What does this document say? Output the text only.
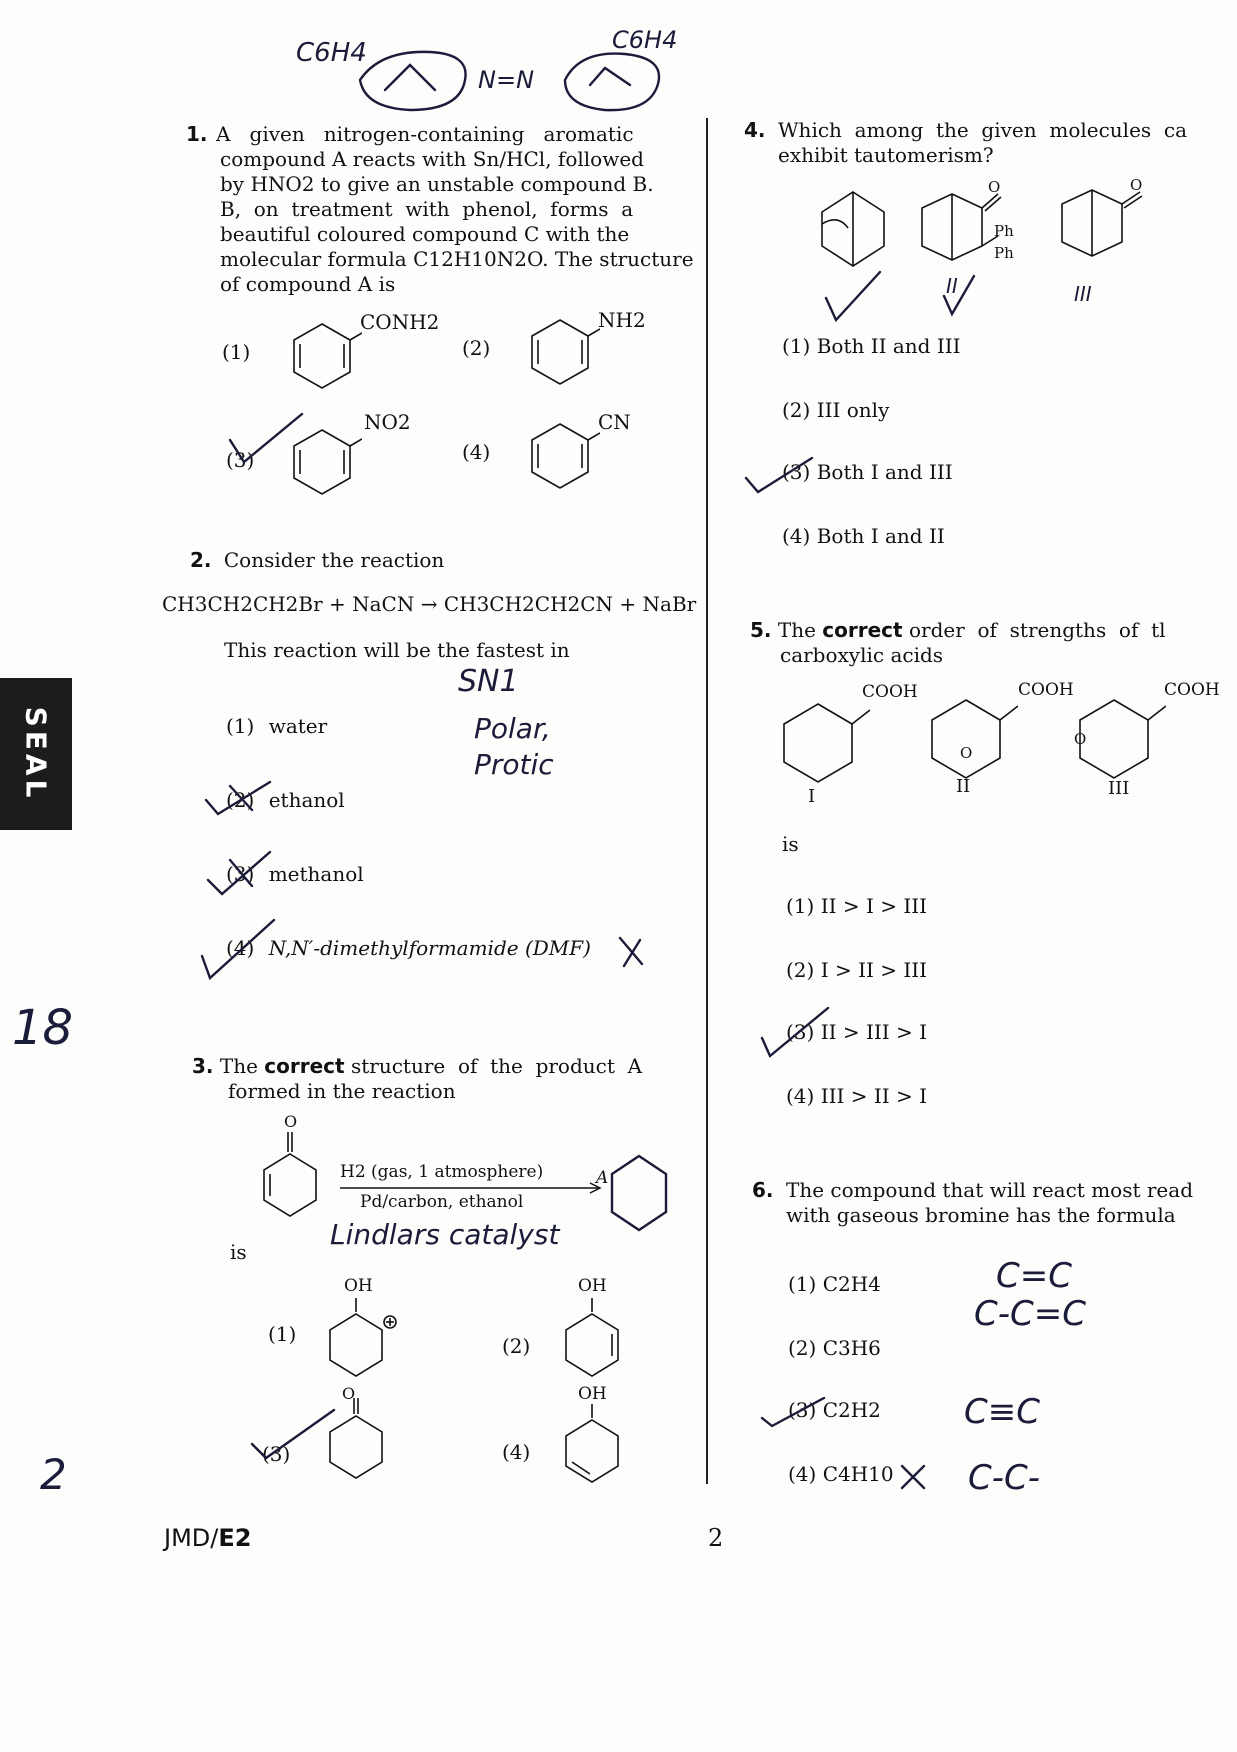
SEAL
C6H4
N=N
C6H4
1. A   given   nitrogen-containing   aromatic
compound A reacts with Sn/HCl, followed
by HNO2 to give an unstable compound B.
B,  on  treatment  with  phenol,  forms  a
beautiful coloured compound C with the
molecular formula C12H10N2O. The structure
of compound A is
(1)
CONH2
(2)
NH2
(3)
NO2
(4)
CN
2. Consider the reaction
CH3CH2CH2Br + NaCN → CH3CH2CH2CN + NaBr
This reaction will be the fastest in
(1) water
(2) ethanol
(3) methanol
(4) N,N′-dimethylformamide (DMF)
SN1
Polar,
Protic
3. The correct structure  of  the  product  A
formed in the reaction
O
H2 (gas, 1 atmosphere)
Pd/carbon, ethanol
A
Lindlars catalyst
is
(1)
OH
(2)
OH
O
(3)	(4)
OH
JMD/E2	2
18
2
4. Which  among  the  given  molecules  ca
exhibit tautomerism?
O
Ph
Ph
O
II	III
(1) Both II and III
(2) III only
(3) Both I and III
(4) Both I and II
5. The correct order  of  strengths  of  tl
carboxylic acids
COOH
I
O
COOH
II
O
COOH
III
is
(1) II > I > III
(2) I > II > III
(3) II > III > I
(4) III > II > I
6. The compound that will react most read
with gaseous bromine has the formula
(1) C2H4
(2) C3H6
(3) C2H2
(4) C4H10
C=C
C-C=C
C≡C
C-C-
